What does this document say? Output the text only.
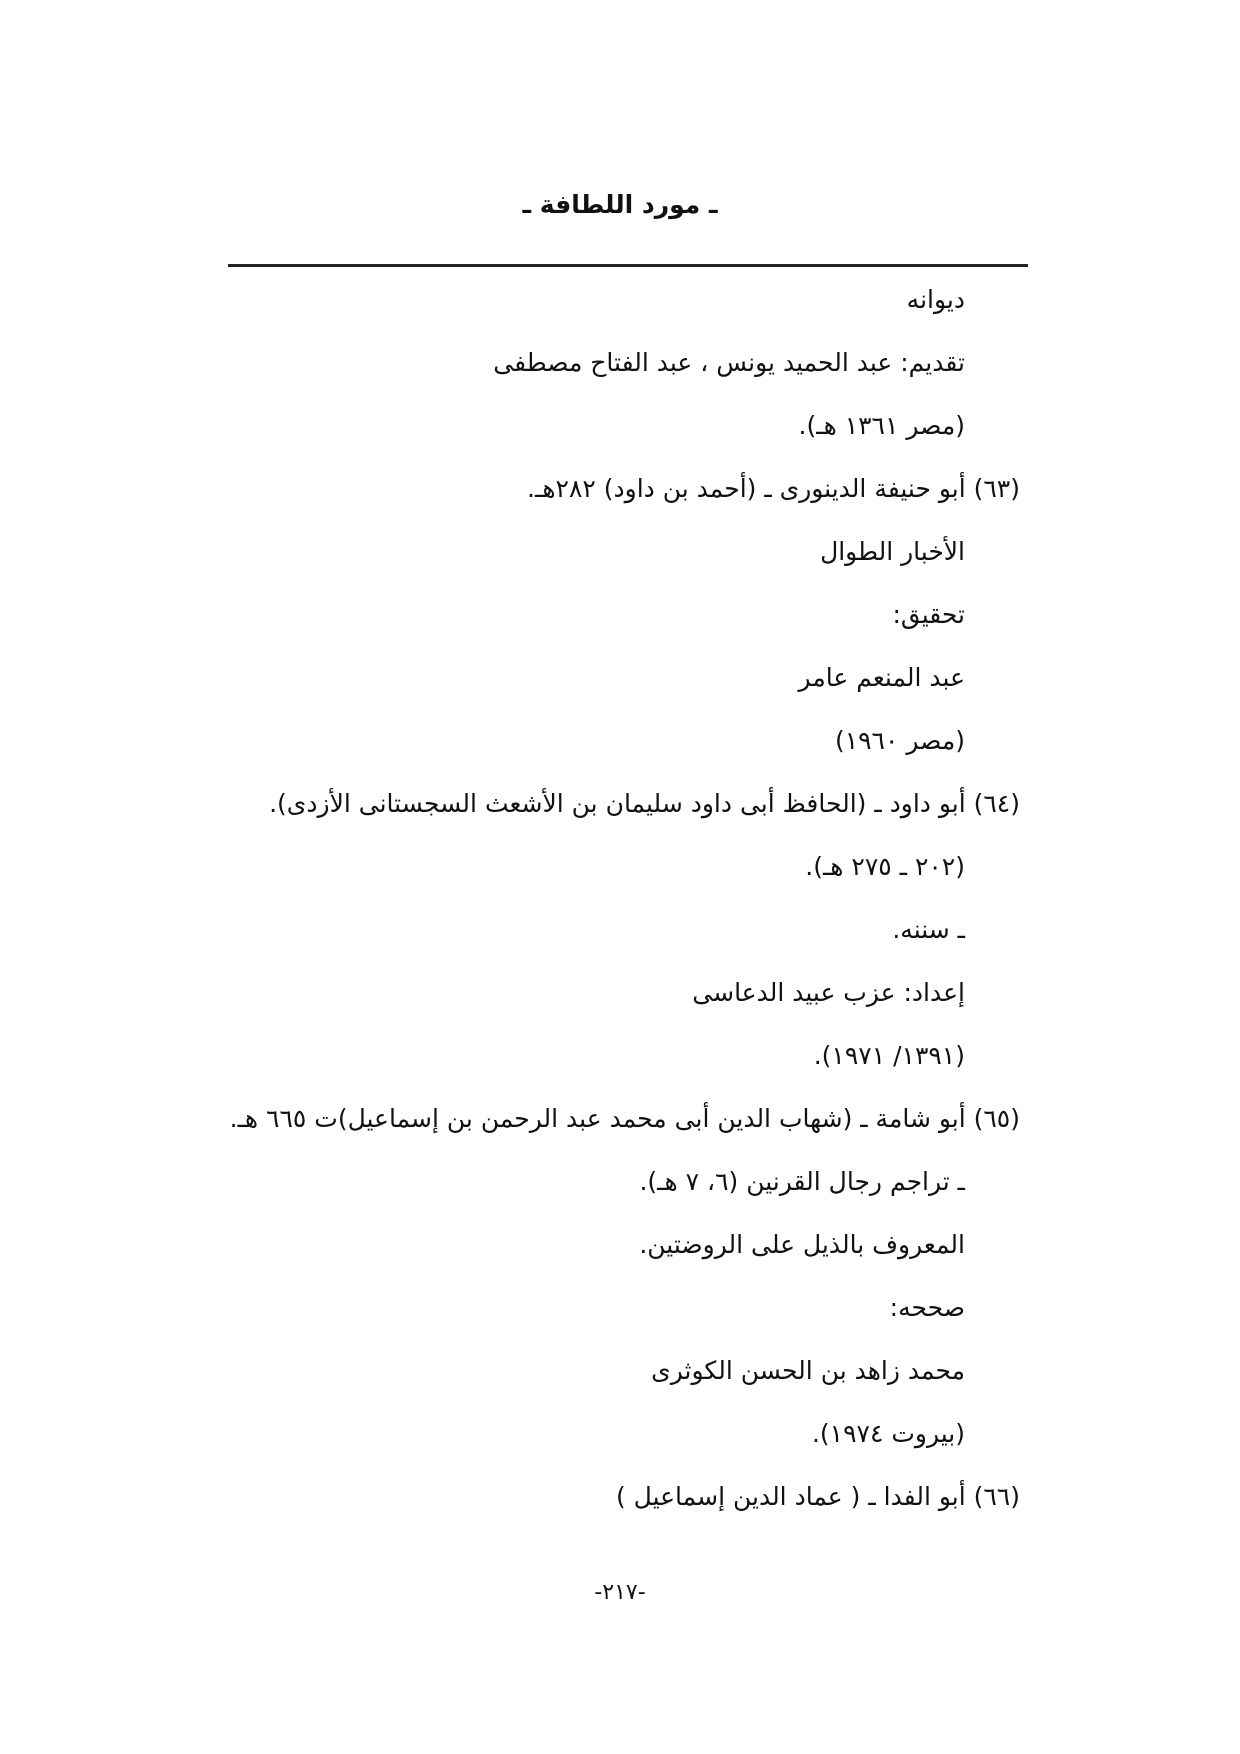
ـ مورد اللطافة ـ
ديوانه
تقديم: عبد الحميد يونس ، عبد الفتاح مصطفى
(مصر ١٣٦١ هـ).
(٦٣) أبو حنيفة الدينورى ـ (أحمد بن داود) ٢٨٢هـ.
الأخبار الطوال
تحقيق:
عبد المنعم عامر
(مصر ١٩٦٠)
(٦٤) أبو داود ـ (الحافظ أبى داود سليمان بن الأشعث السجستانى الأزدى).
(٢٠٢ ـ ٢٧٥ هـ).
ـ سننه.
إعداد: عزب عبيد الدعاسى
(١٣٩١/ ١٩٧١).
(٦٥) أبو شامة ـ (شهاب الدين أبى محمد عبد الرحمن بن إسماعيل)ت ٦٦٥ هـ.
ـ تراجم رجال القرنين (٦، ٧ هـ).
المعروف بالذيل على الروضتين.
صححه:
محمد زاهد بن الحسن الكوثرى
(بيروت ١٩٧٤).
(٦٦) أبو الفدا ـ ( عماد الدين إسماعيل )
-٢١٧-
